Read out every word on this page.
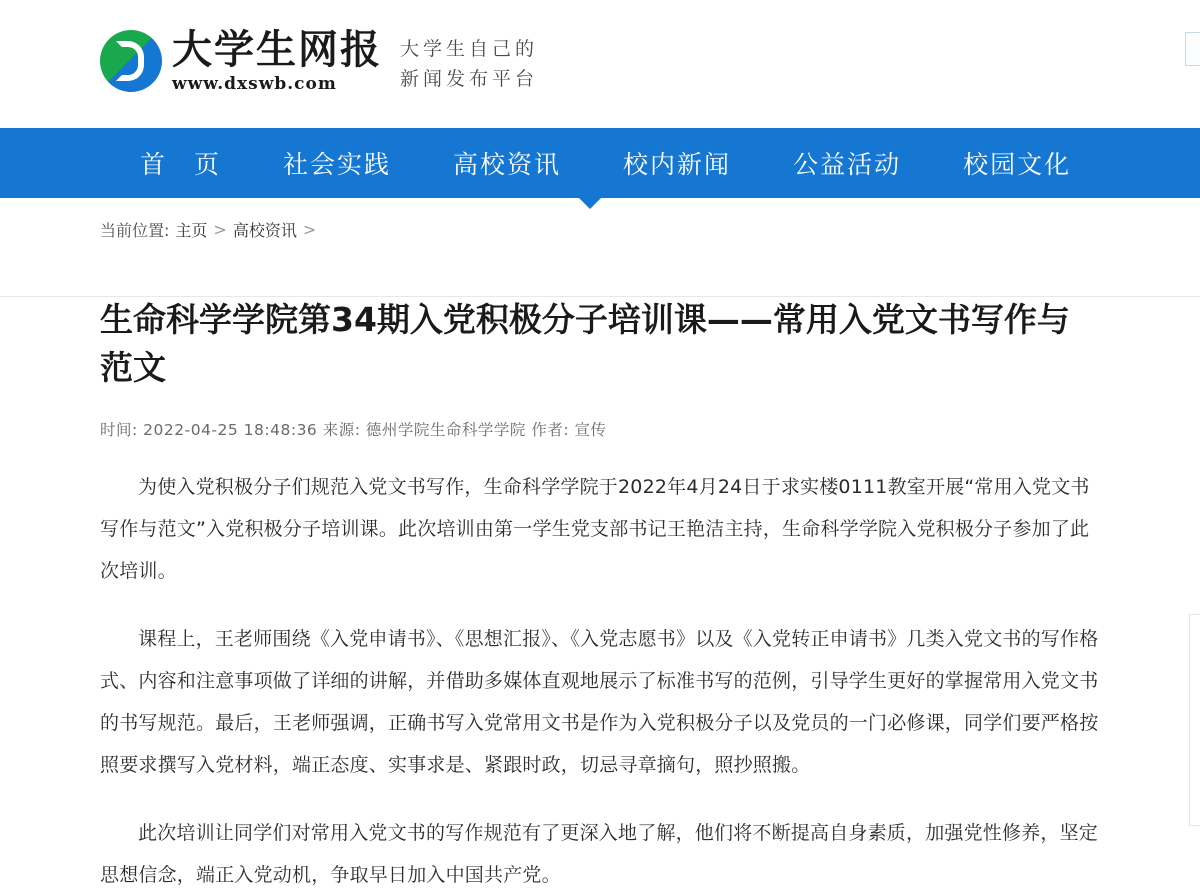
大学生网报
www.dxswb.com
大学生自己的
新闻发布平台
首　页 社会实践 高校资讯 校内新闻 公益活动 校园文化
当前位置: 主页 > 高校资讯 >
生命科学学院第34期入党积极分子培训课——常用入党文书写作与范文
时间: 2022-04-25 18:48:36 来源: 德州学院生命科学学院 作者: 宣传

为使入党积极分子们规范入党文书写作，生命科学学院于2022年4月24日于求实楼0111教室开展“常用入党文书写作与范文”入党积极分子培训课。此次培训由第一学生党支部书记王艳洁主持，生命科学学院入党积极分子参加了此次培训。

课程上，王老师围绕《入党申请书》、《思想汇报》、《入党志愿书》以及《入党转正申请书》几类入党文书的写作格式、内容和注意事项做了详细的讲解，并借助多媒体直观地展示了标准书写的范例，引导学生更好的掌握常用入党文书的书写规范。最后，王老师强调，正确书写入党常用文书是作为入党积极分子以及党员的一门必修课，同学们要严格按照要求撰写入党材料，端正态度、实事求是、紧跟时政，切忌寻章摘句，照抄照搬。

此次培训让同学们对常用入党文书的写作规范有了更深入地了解，他们将不断提高自身素质，加强党性修养，坚定思想信念，端正入党动机，争取早日加入中国共产党。
